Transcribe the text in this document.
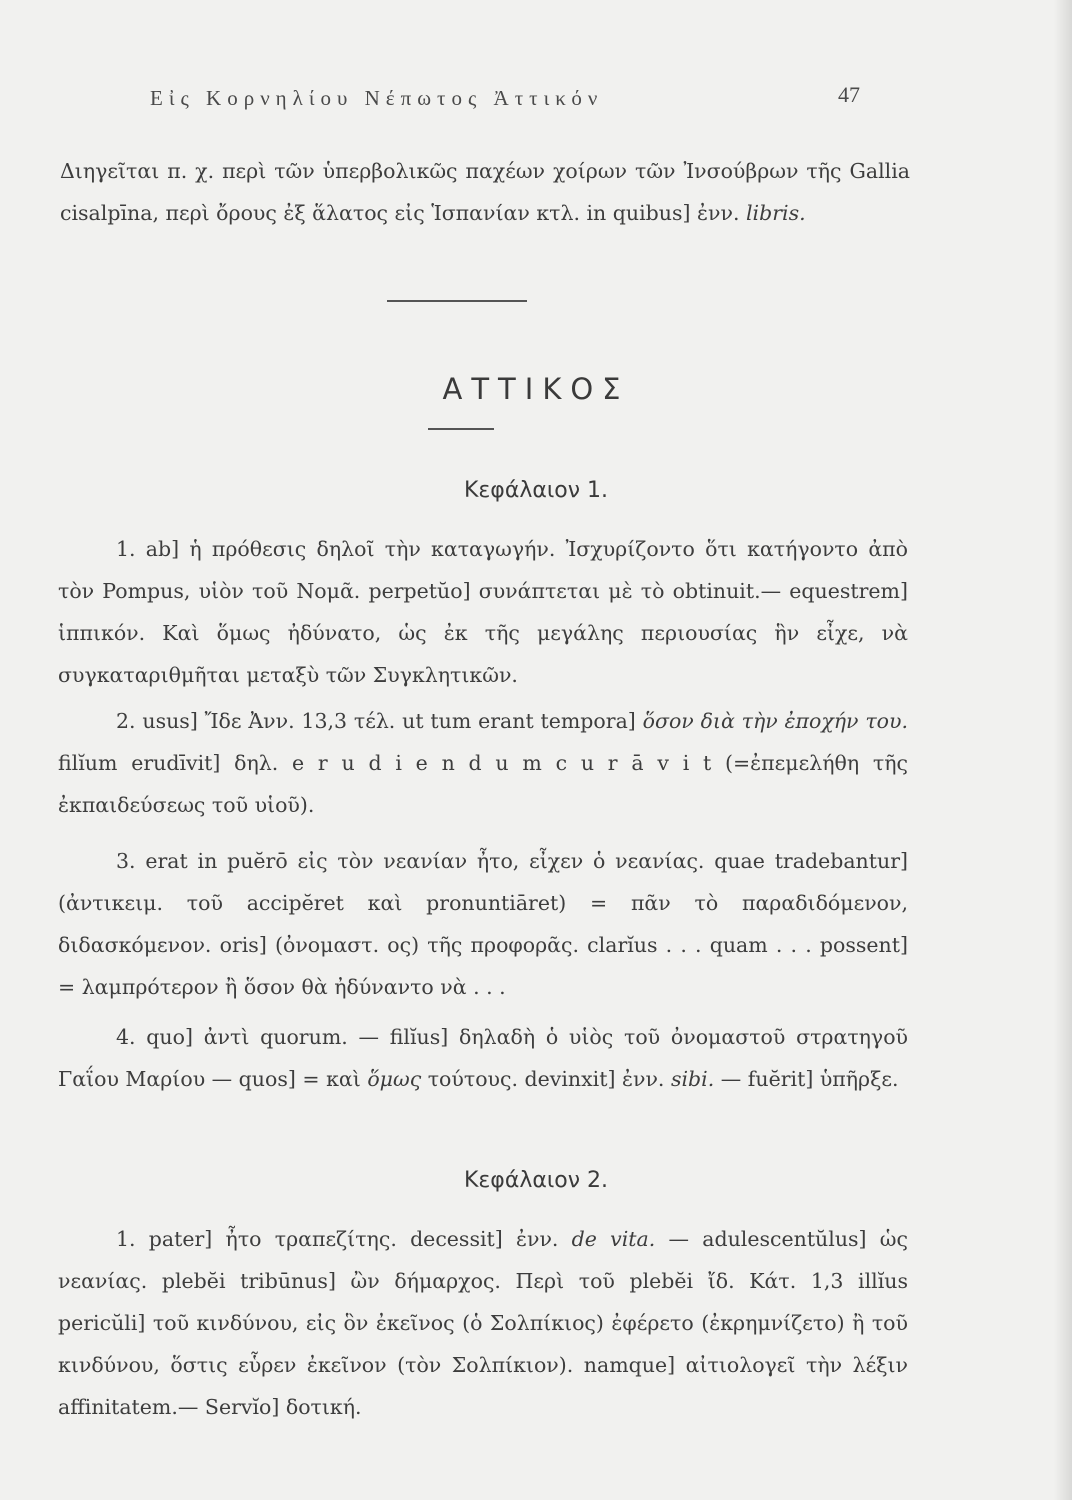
Εἰς Κορνηλίου Νέπωτος Ἀττικόν	47

Διηγεῖται π. χ. περὶ τῶν ὑπερβολικῶς παχέων χοίρων τῶν Ἰνσούβρων τῆς Gallia cisalpīna, περὶ ὄρους ἐξ ἅλατος εἰς Ἱσπανίαν κτλ. in quibus] ἐνν. libris.

ΑΤΤΙΚΟΣ
Κεφάλαιον 1.

1. ab] ἡ πρόθεσις δηλοῖ τὴν καταγωγήν. Ἰσχυρίζοντο ὅτι κατήγοντο ἀπὸ τὸν Pompus, υἱὸν τοῦ Νομᾶ. perpetŭo] συνάπτεται μὲ τὸ obtinuit.— equestrem] ἱππικόν. Καὶ ὅμως ἠδύνατο, ὡς ἐκ τῆς μεγάλης περιουσίας ἣν εἶχε, νὰ συγκαταριθμῆται μεταξὺ τῶν Συγκλητικῶν.

2. usus] Ἴδε Ἀνν. 13,3 τέλ. ut tum erant tempora] ὅσον διὰ τὴν ἐποχήν του. filĭum erudīvit] δηλ. e r u d i e n d u m c u r ā v i t (=ἐπεμελήθη τῆς ἐκπαιδεύσεως τοῦ υἱοῦ).

3. erat in puĕrō εἰς τὸν νεανίαν ἦτο, εἶχεν ὁ νεανίας. quae tradebantur] (ἀντικειμ. τοῦ accipĕret καὶ pronuntiāret) = πᾶν τὸ παραδιδόμενον, διδασκόμενον. oris] (ὀνομαστ. ος) τῆς προφορᾶς. clarĭus . . . quam . . . possent] = λαμπρότερον ἢ ὅσον θὰ ἠδύναντο νὰ . . .

4. quo] ἀντὶ quorum. — filĭus] δηλαδὴ ὁ υἱὸς τοῦ ὀνομαστοῦ στρατηγοῦ Γαΐου Μαρίου — quos] = καὶ ὅμως τούτους. devinxit] ἐνν. sibi. — fuĕrit] ὑπῆρξε.

Κεφάλαιον 2.

1. pater] ἦτο τραπεζίτης. decessit] ἐνν. de vita. — adulescentŭlus] ὡς νεανίας. plebĕi tribūnus] ὢν δήμαρχος. Περὶ τοῦ plebĕi ἴδ. Κάτ. 1,3 illĭus pericŭli] τοῦ κινδύνου, εἰς ὃν ἐκεῖνος (ὁ Σολπίκιος) ἐφέρετο (ἐκρημνίζετο) ἢ τοῦ κινδύνου, ὅστις εὗρεν ἐκεῖνον (τὸν Σολπίκιον). namque] αἰτιολογεῖ τὴν λέξιν affinitatem.— Servĭo] δοτική.
